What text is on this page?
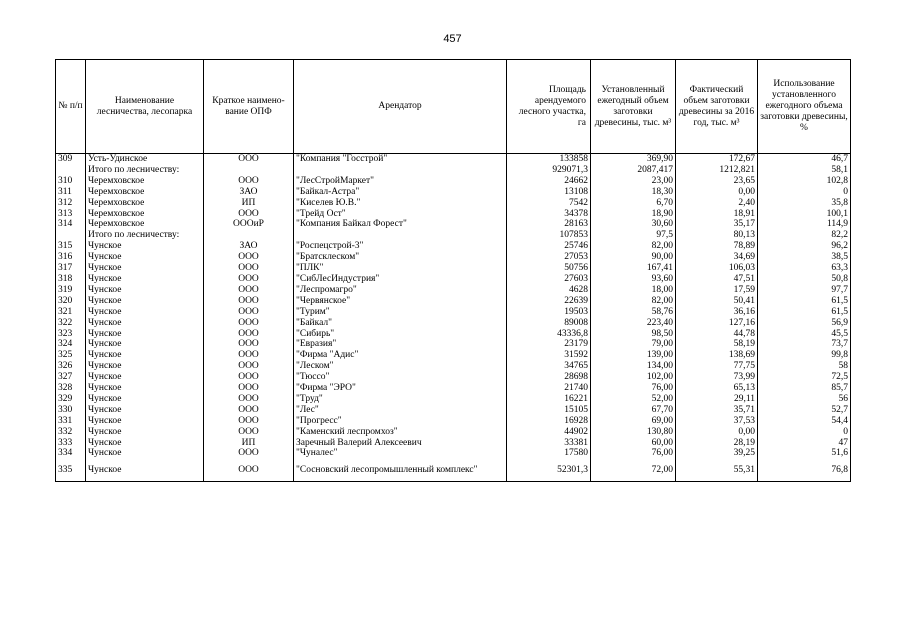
457
№ п/п	Наименование лесничества, лесопарка	Краткое наимено-вание ОПФ	Арендатор	Площадь арендуемого лесного участка, га	Установленный ежегодный объем заготовки древесины, тыс. м³	Фактический объем заготовки древесины за 2016 год, тыс. м³	Использование установленного ежегодного объема заготовки древесины, %
309	Усть-Удинское	ООО	"Компания "Госстрой"	133858	369,90	172,67	46,7
	Итого по лесничеству:			929071,3	2087,417	1212,821	58,1
310	Черемховское	ООО	"ЛесСтройМаркет"	24662	23,00	23,65	102,8
311	Черемховское	ЗАО	"Байкал-Астра"	13108	18,30	0,00	0
312	Черемховское	ИП	"Киселев Ю.В."	7542	6,70	2,40	35,8
313	Черемховское	ООО	"Трейд Ост"	34378	18,90	18,91	100,1
314	Черемховское	ОООиР	"Компания Байкал Форест"	28163	30,60	35,17	114,9
	Итого по лесничеству:			107853	97,5	80,13	82,2
315	Чунское	ЗАО	"Роспецстрой-3"	25746	82,00	78,89	96,2
316	Чунское	ООО	"Братсклеском"	27053	90,00	34,69	38,5
317	Чунское	ООО	"ПЛК"	50756	167,41	106,03	63,3
318	Чунское	ООО	"СибЛесИндустрия"	27603	93,60	47,51	50,8
319	Чунское	ООО	"Леспромагро"	4628	18,00	17,59	97,7
320	Чунское	ООО	"Червянское"	22639	82,00	50,41	61,5
321	Чунское	ООО	"Турим"	19503	58,76	36,16	61,5
322	Чунское	ООО	"Байкал"	89008	223,40	127,16	56,9
323	Чунское	ООО	"Сибирь"	43336,8	98,50	44,78	45,5
324	Чунское	ООО	"Евразия"	23179	79,00	58,19	73,7
325	Чунское	ООО	"Фирма "Адис"	31592	139,00	138,69	99,8
326	Чунское	ООО	"Леском"	34765	134,00	77,75	58
327	Чунское	ООО	"Тюссо"	28698	102,00	73,99	72,5
328	Чунское	ООО	"Фирма "ЭРО"	21740	76,00	65,13	85,7
329	Чунское	ООО	"Труд"	16221	52,00	29,11	56
330	Чунское	ООО	"Лес"	15105	67,70	35,71	52,7
331	Чунское	ООО	"Прогресс"	16928	69,00	37,53	54,4
332	Чунское	ООО	"Каменский леспромхоз"	44902	130,80	0,00	0
333	Чунское	ИП	Заречный Валерий Алексеевич	33381	60,00	28,19	47
334	Чунское	ООО	"Чуналес"	17580	76,00	39,25	51,6
335	Чунское	ООО	"Сосновский лесопромышленный комплекс"	52301,3	72,00	55,31	76,8
